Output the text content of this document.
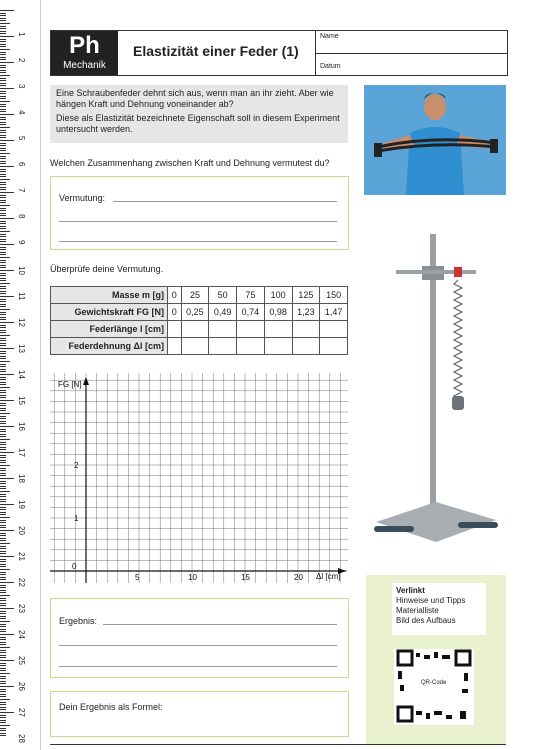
1
2
3
4
5
6
7
8
9
10
11
12
13
14
15
16
17
18
19
20
21
22
23
24
25
26
27
28
Ph
Mechanik
Elastizität einer Feder (1)
Name
Datum

Eine Schraubenfeder dehnt sich aus, wenn man an ihr zieht. Aber wie hängen Kraft und Dehnung voneinander ab?

Diese als Elastizität bezeichnete Eigenschaft soll in diesem Experiment untersucht werden.

Welchen Zusammenhang zwischen Kraft und Dehnung vermutest du?
Vermutung:
Überprüfe deine Vermutung.
Masse m [g]	0	25	50	75	100	125	150
Gewichtskraft FG [N]	0	0,25	0,49	0,74	0,98	1,23	1,47
Federlänge l [cm]							
Federdehnung Δl [cm]							
0
5	10	15	20
1
2
FG [N]
Δl [cm]
Ergebnis:
Dein Ergebnis als Formel:
Verlinkt
Hinweise und Tipps
Materialliste
Bild des Aufbaus
QR-Code
